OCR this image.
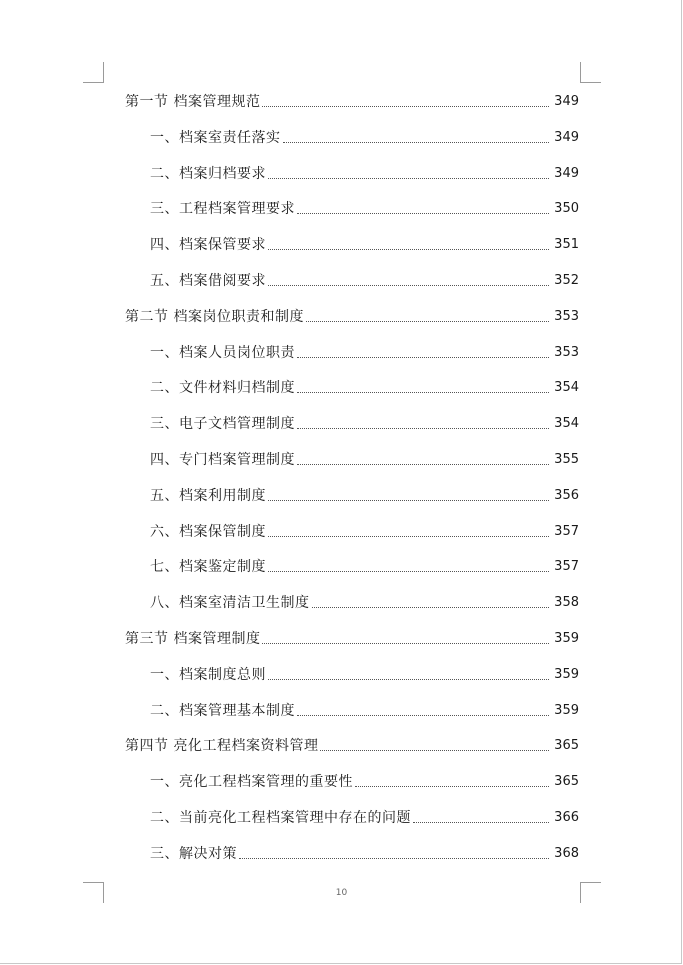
第一节 档案管理规范	349
一、档案室责任落实	349
二、档案归档要求	349
三、工程档案管理要求	350
四、档案保管要求	351
五、档案借阅要求	352
第二节 档案岗位职责和制度	353
一、档案人员岗位职责	353
二、文件材料归档制度	354
三、电子文档管理制度	354
四、专门档案管理制度	355
五、档案利用制度	356
六、档案保管制度	357
七、档案鉴定制度	357
八、档案室清洁卫生制度	358
第三节 档案管理制度	359
一、档案制度总则	359
二、档案管理基本制度	359
第四节 亮化工程档案资料管理	365
一、亮化工程档案管理的重要性	365
二、当前亮化工程档案管理中存在的问题	366
三、解决对策	368
10
